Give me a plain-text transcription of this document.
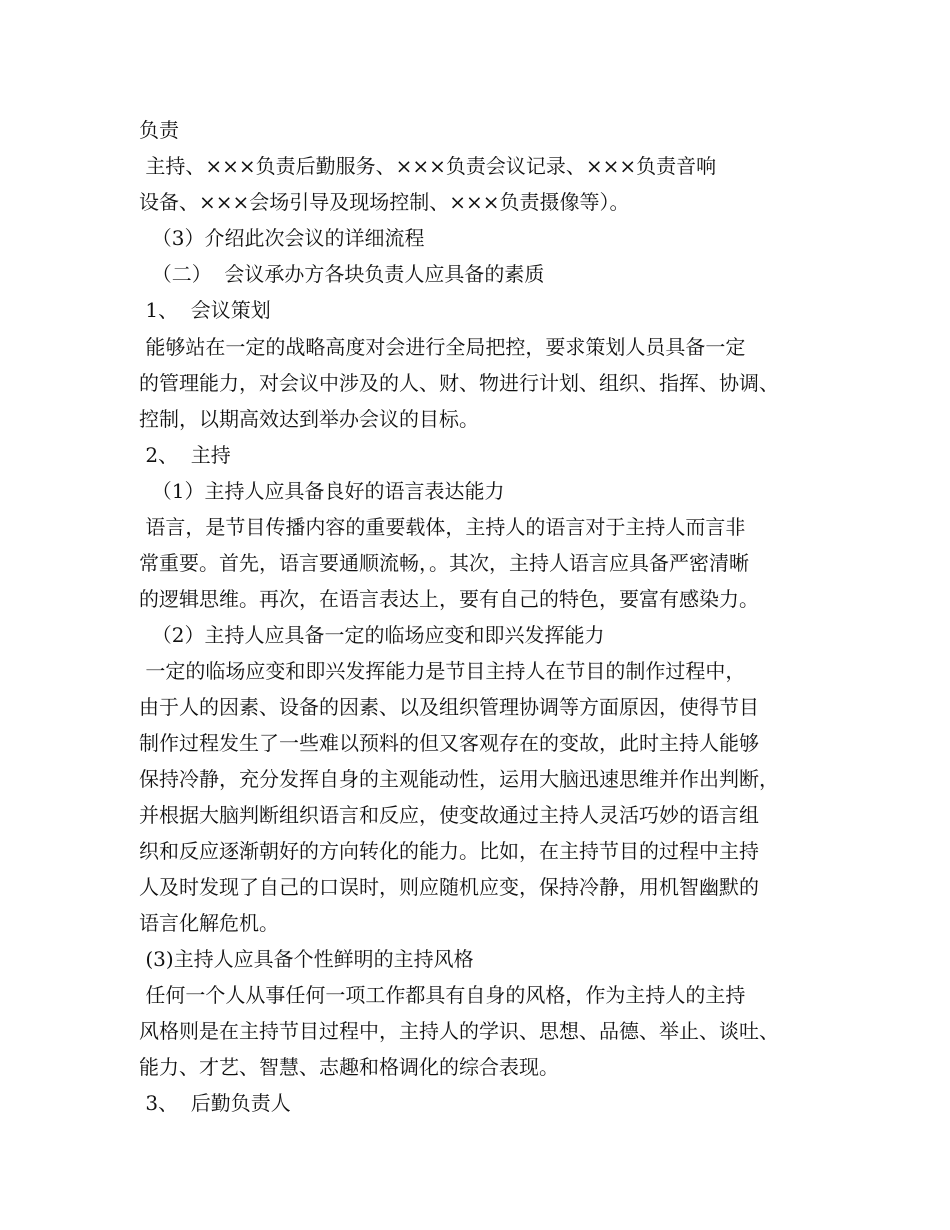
负责

主持、×××负责后勤服务、×××负责会议记录、×××负责音响

设备、×××会场引导及现场控制、×××负责摄像等）。

（3）介绍此次会议的详细流程

（二）  会议承办方各块负责人应具备的素质

1、  会议策划

能够站在一定的战略高度对会进行全局把控，要求策划人员具备一定

的管理能力，对会议中涉及的人、财、物进行计划、组织、指挥、协调、

控制，以期高效达到举办会议的目标。

2、  主持

（1）主持人应具备良好的语言表达能力

语言，是节目传播内容的重要载体，主持人的语言对于主持人而言非

常重要。首先，语言要通顺流畅，。其次，主持人语言应具备严密清晰

的逻辑思维。再次，在语言表达上，要有自己的特色，要富有感染力。

（2）主持人应具备一定的临场应变和即兴发挥能力

一定的临场应变和即兴发挥能力是节目主持人在节目的制作过程中，

由于人的因素、设备的因素、以及组织管理协调等方面原因，使得节目

制作过程发生了一些难以预料的但又客观存在的变故，此时主持人能够

保持冷静，充分发挥自身的主观能动性，运用大脑迅速思维并作出判断，

并根据大脑判断组织语言和反应，使变故通过主持人灵活巧妙的语言组

织和反应逐渐朝好的方向转化的能力。比如，在主持节目的过程中主持

人及时发现了自己的口误时，则应随机应变，保持冷静，用机智幽默的

语言化解危机。

(3)主持人应具备个性鲜明的主持风格

任何一个人从事任何一项工作都具有自身的风格，作为主持人的主持

风格则是在主持节目过程中，主持人的学识、思想、品德、举止、谈吐、

能力、才艺、智慧、志趣和格调化的综合表现。

3、  后勤负责人
